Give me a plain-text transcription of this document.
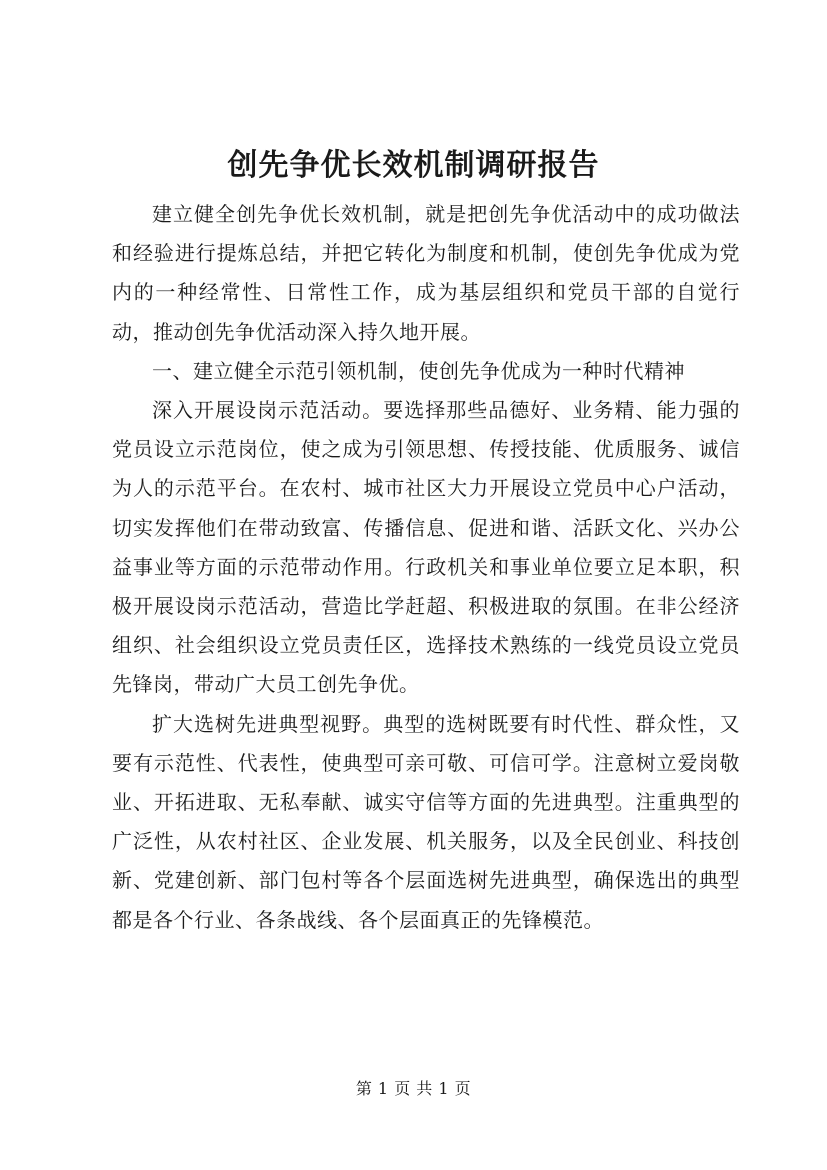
创先争优长效机制调研报告

建立健全创先争优长效机制，就是把创先争优活动中的成功做法和经验进行提炼总结，并把它转化为制度和机制，使创先争优成为党内的一种经常性、日常性工作，成为基层组织和党员干部的自觉行动，推动创先争优活动深入持久地开展。

一、建立健全示范引领机制，使创先争优成为一种时代精神

深入开展设岗示范活动。要选择那些品德好、业务精、能力强的党员设立示范岗位，使之成为引领思想、传授技能、优质服务、诚信为人的示范平台。在农村、城市社区大力开展设立党员中心户活动，切实发挥他们在带动致富、传播信息、促进和谐、活跃文化、兴办公益事业等方面的示范带动作用。行政机关和事业单位要立足本职，积极开展设岗示范活动，营造比学赶超、积极进取的氛围。在非公经济组织、社会组织设立党员责任区，选择技术熟练的一线党员设立党员先锋岗，带动广大员工创先争优。

扩大选树先进典型视野。典型的选树既要有时代性、群众性，又要有示范性、代表性，使典型可亲可敬、可信可学。注意树立爱岗敬业、开拓进取、无私奉献、诚实守信等方面的先进典型。注重典型的广泛性，从农村社区、企业发展、机关服务，以及全民创业、科技创新、党建创新、部门包村等各个层面选树先进典型，确保选出的典型都是各个行业、各条战线、各个层面真正的先锋模范。

第 1 页 共 1 页
